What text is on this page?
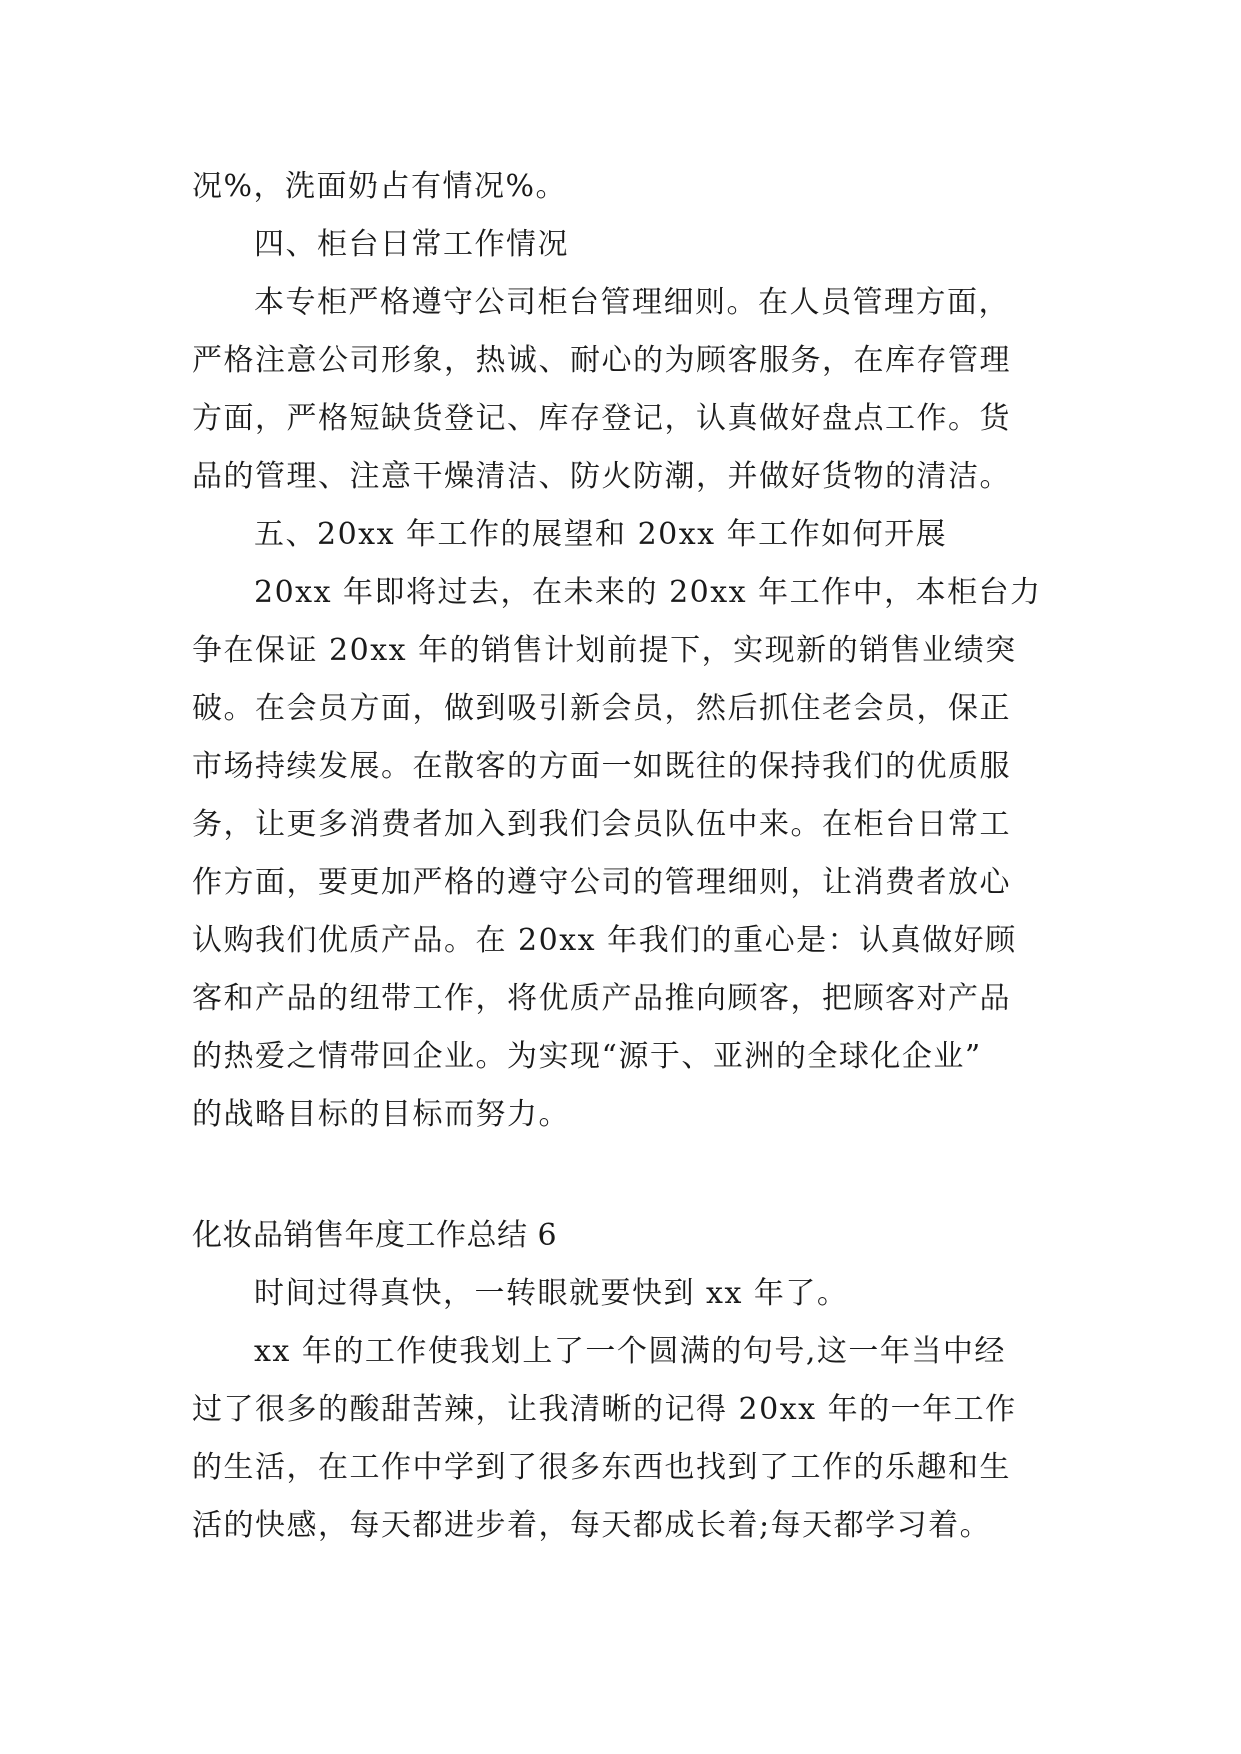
况%，洗面奶占有情况%。

四、柜台日常工作情况

本专柜严格遵守公司柜台管理细则。在人员管理方面，

严格注意公司形象，热诚、耐心的为顾客服务，在库存管理

方面，严格短缺货登记、库存登记，认真做好盘点工作。货

品的管理、注意干燥清洁、防火防潮，并做好货物的清洁。

五、20xx 年工作的展望和 20xx 年工作如何开展

20xx 年即将过去，在未来的 20xx 年工作中，本柜台力

争在保证 20xx 年的销售计划前提下，实现新的销售业绩突

破。在会员方面，做到吸引新会员，然后抓住老会员，保正

市场持续发展。在散客的方面一如既往的保持我们的优质服

务，让更多消费者加入到我们会员队伍中来。在柜台日常工

作方面，要更加严格的遵守公司的管理细则，让消费者放心

认购我们优质产品。在 20xx 年我们的重心是：认真做好顾

客和产品的纽带工作，将优质产品推向顾客，把顾客对产品

的热爱之情带回企业。为实现“源于、亚洲的全球化企业”

的战略目标的目标而努力。

化妆品销售年度工作总结 6

时间过得真快，一转眼就要快到 xx 年了。

xx 年的工作使我划上了一个圆满的句号,这一年当中经

过了很多的酸甜苦辣，让我清晰的记得 20xx 年的一年工作

的生活，在工作中学到了很多东西也找到了工作的乐趣和生

活的快感，每天都进步着，每天都成长着;每天都学习着。
